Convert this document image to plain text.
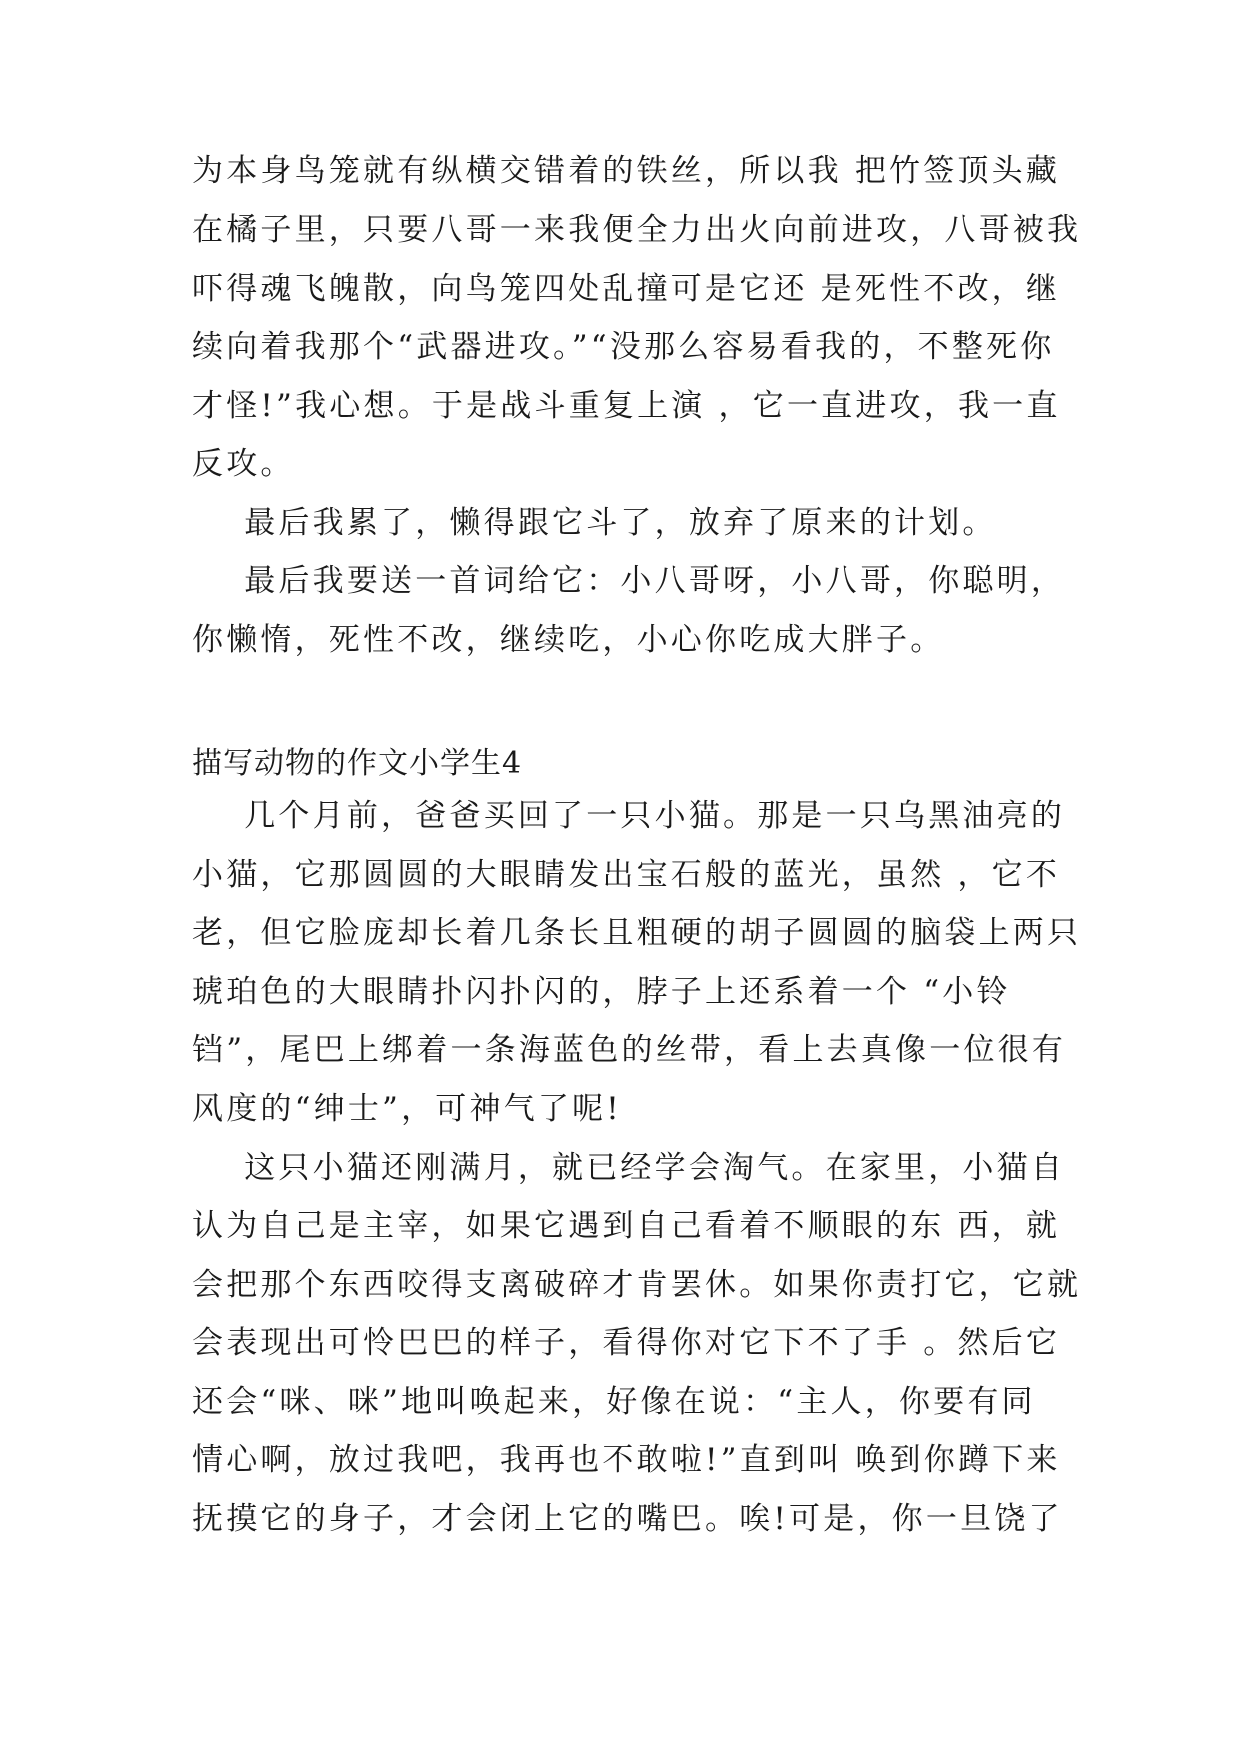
为本身鸟笼就有纵横交错着的铁丝，所以我 把竹签顶头藏
在橘子里，只要八哥一来我便全力出火向前进攻，八哥被我
吓得魂飞魄散，向鸟笼四处乱撞可是它还 是死性不改，继
续向着我那个“武器进攻。”“没那么容易看我的，不整死你
才怪!”我心想。于是战斗重复上演 ，它一直进攻，我一直
反攻。
最后我累了，懒得跟它斗了，放弃了原来的计划。
最后我要送一首词给它：小八哥呀，小八哥，你聪明，
你懒惰，死性不改，继续吃，小心你吃成大胖子。
描写动物的作文小学生4
几个月前，爸爸买回了一只小猫。那是一只乌黑油亮的
小猫，它那圆圆的大眼睛发出宝石般的蓝光，虽然 ，它不
老，但它脸庞却长着几条长且粗硬的胡子圆圆的脑袋上两只
琥珀色的大眼睛扑闪扑闪的，脖子上还系着一个 “小铃
铛”，尾巴上绑着一条海蓝色的丝带，看上去真像一位很有
风度的“绅士”，可神气了呢!
这只小猫还刚满月，就已经学会淘气。在家里，小猫自
认为自己是主宰，如果它遇到自己看着不顺眼的东 西，就
会把那个东西咬得支离破碎才肯罢休。如果你责打它，它就
会表现出可怜巴巴的样子，看得你对它下不了手 。然后它
还会“咪、咪”地叫唤起来，好像在说：“主人，你要有同
情心啊，放过我吧，我再也不敢啦!”直到叫 唤到你蹲下来
抚摸它的身子，才会闭上它的嘴巴。唉!可是，你一旦饶了
